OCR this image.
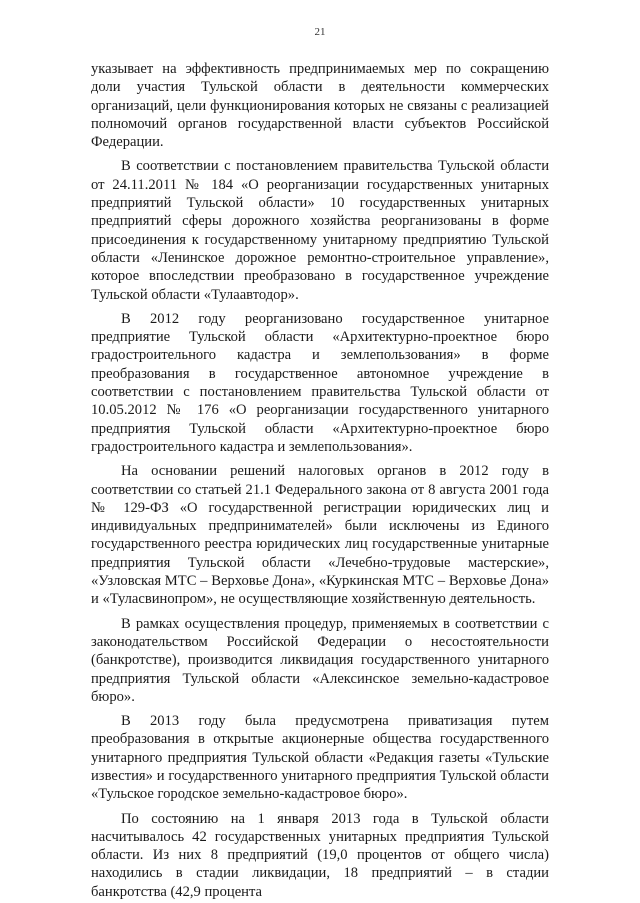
21

указывает на эффективность предпринимаемых мер по сокращению доли участия Тульской области в деятельности коммерческих организаций, цели функционирования которых не связаны с реализацией полномочий органов государственной власти субъектов Российской Федерации.

В соответствии с постановлением правительства Тульской области от 24.11.2011 № 184 «О реорганизации государственных унитарных предприятий Тульской области» 10 государственных унитарных предприятий сферы дорожного хозяйства реорганизованы в форме присоединения к государственному унитарному предприятию Тульской области «Ленинское дорожное ремонтно-строительное управление», которое впоследствии преобразовано в государственное учреждение Тульской области «Тулаавтодор».

В 2012 году реорганизовано государственное унитарное предприятие Тульской области «Архитектурно-проектное бюро градостроительного кадастра и землепользования» в форме преобразования в государственное автономное учреждение в соответствии с постановлением правительства Тульской области от 10.05.2012 № 176 «О реорганизации государственного унитарного предприятия Тульской области «Архитектурно-проектное бюро градостроительного кадастра и землепользования».

На основании решений налоговых органов в 2012 году в соответствии со статьей 21.1 Федерального закона от 8 августа 2001 года № 129-ФЗ «О государственной регистрации юридических лиц и индивидуальных предпринимателей» были исключены из Единого государственного реестра юридических лиц государственные унитарные предприятия Тульской области «Лечебно-трудовые мастерские», «Узловская МТС – Верховье Дона», «Куркинская МТС – Верховье Дона» и «Туласвинопром», не осуществляющие хозяйственную деятельность.

В рамках осуществления процедур, применяемых в соответствии с законодательством Российской Федерации о несостоятельности (банкротстве), производится ликвидация государственного унитарного предприятия Тульской области «Алексинское земельно-кадастровое бюро».

В 2013 году была предусмотрена приватизация путем преобразования в открытые акционерные общества государственного унитарного предприятия Тульской области «Редакция газеты «Тульские известия» и государственного унитарного предприятия Тульской области «Тульское городское земельно-кадастровое бюро».

По состоянию на 1 января 2013 года в Тульской области насчитывалось 42 государственных унитарных предприятия Тульской области. Из них 8 предприятий (19,0 процентов от общего числа) находились в стадии ликвидации, 18 предприятий – в стадии банкротства (42,9 процента
